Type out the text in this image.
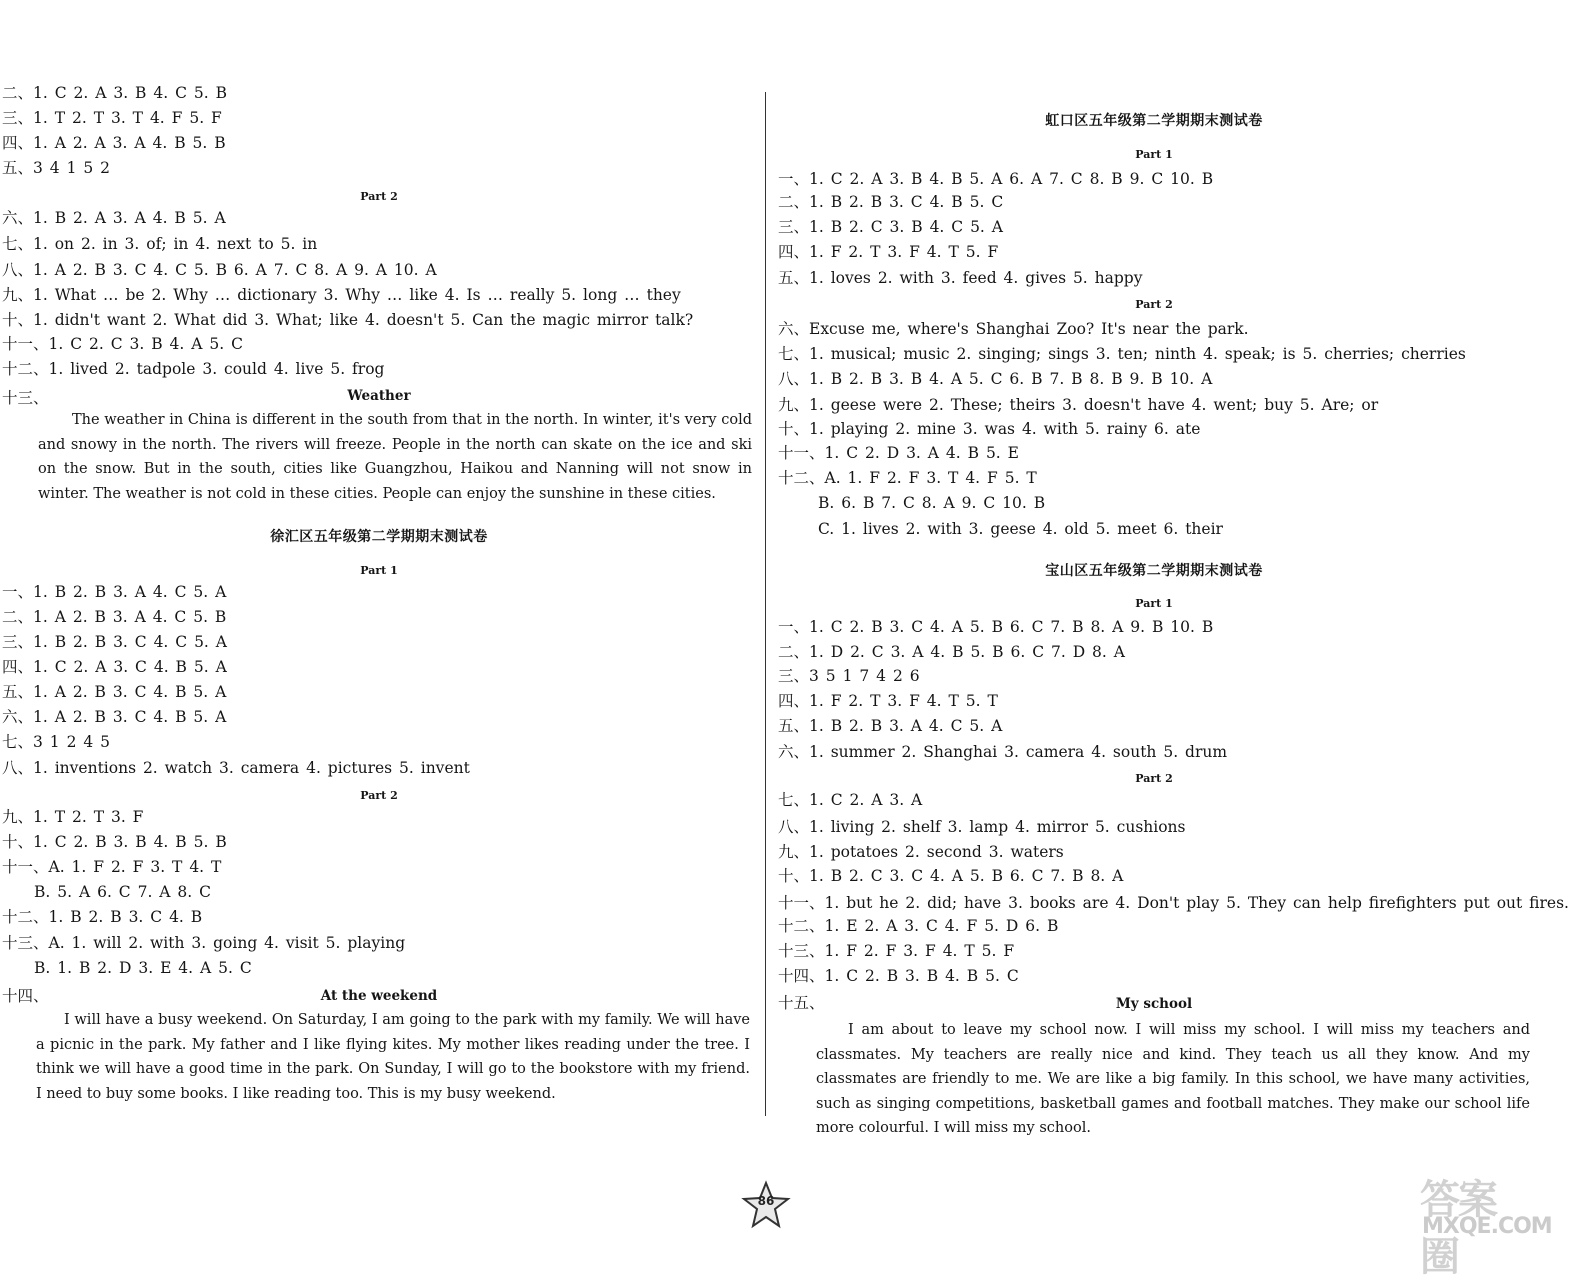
二、1. C 2. A 3. B 4. C 5. B
三、1. T 2. T 3. T 4. F 5. F
四、1. A 2. A 3. A 4. B 5. B
五、3 4 1 5 2
Part 2
六、1. B 2. A 3. A 4. B 5. A
七、1. on 2. in 3. of; in 4. next to 5. in
八、1. A 2. B 3. C 4. C 5. B 6. A 7. C 8. A 9. A 10. A
九、1. What … be 2. Why … dictionary 3. Why … like 4. Is … really 5. long … they
十、1. didn't want 2. What did 3. What; like 4. doesn't 5. Can the magic mirror talk?
十一、1. C 2. C 3. B 4. A 5. C
十二、1. lived 2. tadpole 3. could 4. live 5. frog
十三、	Weather
The weather in China is different in the south from that in the north. In winter, it's very cold and snowy in the north. The rivers will freeze. People in the north can skate on the ice and ski on the snow. But in the south, cities like Guangzhou, Haikou and Nanning will not snow in winter. The weather is not cold in these cities. People can enjoy the sunshine in these cities.
徐汇区五年级第二学期期末测试卷
Part 1
一、1. B 2. B 3. A 4. C 5. A
二、1. A 2. B 3. A 4. C 5. B
三、1. B 2. B 3. C 4. C 5. A
四、1. C 2. A 3. C 4. B 5. A
五、1. A 2. B 3. C 4. B 5. A
六、1. A 2. B 3. C 4. B 5. A
七、3 1 2 4 5
八、1. inventions 2. watch 3. camera 4. pictures 5. invent
Part 2
九、1. T 2. T 3. F
十、1. C 2. B 3. B 4. B 5. B
十一、A. 1. F 2. F 3. T 4. T
B. 5. A 6. C 7. A 8. C
十二、1. B 2. B 3. C 4. B
十三、A. 1. will 2. with 3. going 4. visit 5. playing
B. 1. B 2. D 3. E 4. A 5. C
十四、	At the weekend
I will have a busy weekend. On Saturday, I am going to the park with my family. We will have a picnic in the park. My father and I like flying kites. My mother likes reading under the tree. I think we will have a good time in the park. On Sunday, I will go to the bookstore with my friend. I need to buy some books. I like reading too. This is my busy weekend.
虹口区五年级第二学期期末测试卷
Part 1
一、1. C 2. A 3. B 4. B 5. A 6. A 7. C 8. B 9. C 10. B
二、1. B 2. B 3. C 4. B 5. C
三、1. B 2. C 3. B 4. C 5. A
四、1. F 2. T 3. F 4. T 5. F
五、1. loves 2. with 3. feed 4. gives 5. happy
Part 2
六、Excuse me, where's Shanghai Zoo? It's near the park.
七、1. musical; music 2. singing; sings 3. ten; ninth 4. speak; is 5. cherries; cherries
八、1. B 2. B 3. B 4. A 5. C 6. B 7. B 8. B 9. B 10. A
九、1. geese were 2. These; theirs 3. doesn't have 4. went; buy 5. Are; or
十、1. playing 2. mine 3. was 4. with 5. rainy 6. ate
十一、1. C 2. D 3. A 4. B 5. E
十二、A. 1. F 2. F 3. T 4. F 5. T
B. 6. B 7. C 8. A 9. C 10. B
C. 1. lives 2. with 3. geese 4. old 5. meet 6. their
宝山区五年级第二学期期末测试卷
Part 1
一、1. C 2. B 3. C 4. A 5. B 6. C 7. B 8. A 9. B 10. B
二、1. D 2. C 3. A 4. B 5. B 6. C 7. D 8. A
三、3 5 1 7 4 2 6
四、1. F 2. T 3. F 4. T 5. T
五、1. B 2. B 3. A 4. C 5. A
六、1. summer 2. Shanghai 3. camera 4. south 5. drum
Part 2
七、1. C 2. A 3. A
八、1. living 2. shelf 3. lamp 4. mirror 5. cushions
九、1. potatoes 2. second 3. waters
十、1. B 2. C 3. C 4. A 5. B 6. C 7. B 8. A
十一、1. but he 2. did; have 3. books are 4. Don't play 5. They can help firefighters put out fires.
十二、1. E 2. A 3. C 4. F 5. D 6. B
十三、1. F 2. F 3. F 4. T 5. F
十四、1. C 2. B 3. B 4. B 5. C
十五、	My school
I am about to leave my school now. I will miss my school. I will miss my teachers and classmates. My teachers are really nice and kind. They teach us all they know. And my classmates are friendly to me. We are like a big family. In this school, we have many activities, such as singing competitions, basketball games and football matches. They make our school life more colourful. I will miss my school.
86	答案圈
MXQE.COM
